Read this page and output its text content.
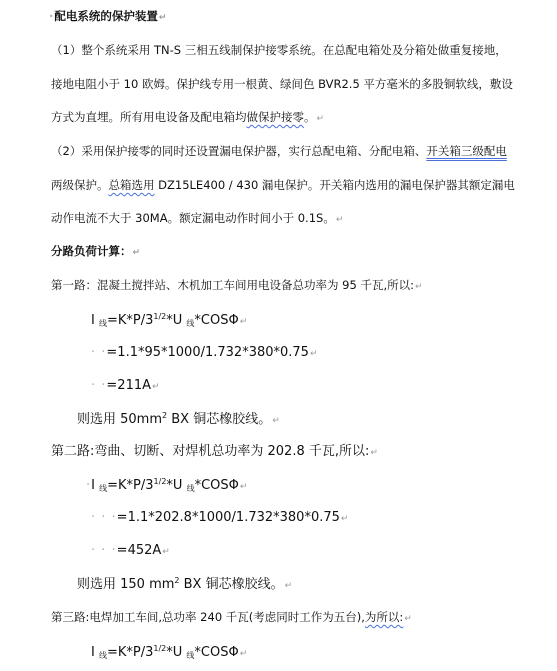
·配电系统的保护装置↵
（1）整个系统采用 TN-S 三相五线制保护接零系统。在总配电箱处及分箱处做重复接地，
接地电阻小于 10 欧姆。保护线专用一根黄、绿间色 BVR2.5 平方毫米的多股铜软线，敷设
方式为直埋。所有用电设备及配电箱均做保护接零。↵
（2）采用保护接零的同时还设置漏电保护器，实行总配电箱、分配电箱、开关箱三级配电
两级保护。总箱选用 DZ15LE400 / 430 漏电保护。开关箱内选用的漏电保护器其额定漏电
动作电流不大于 30MA。额定漏电动作时间小于 0.1S。↵
分路负荷计算：↵
第一路：混凝土搅拌站、木机加工车间用电设备总功率为 95 千瓦,所以:↵
I $_线=K*P/3^{1/2}*U$ $_线$*COSΦ↵
· ·=1.1*95*1000/1.732*380*0.75↵
· ·=211A↵
则选用 $50mm^2$ BX 铜芯橡胶线。↵
第二路:弯曲、切断、对焊机总功率为 202.8 千瓦,所以:↵
·I $_线=K*P/3^{1/2}*U$ $_线$*COSΦ↵
· · ·=1.1*202.8*1000/1.732*380*0.75↵
· · ·=452A↵
则选用 150 $mm^2$ BX 铜芯橡胶线。↵
第三路:电焊加工车间,总功率 240 千瓦(考虑同时工作为五台),为所以:↵
I $_线=K*P/3^{1/2}*U$ $_线$*COSΦ↵
